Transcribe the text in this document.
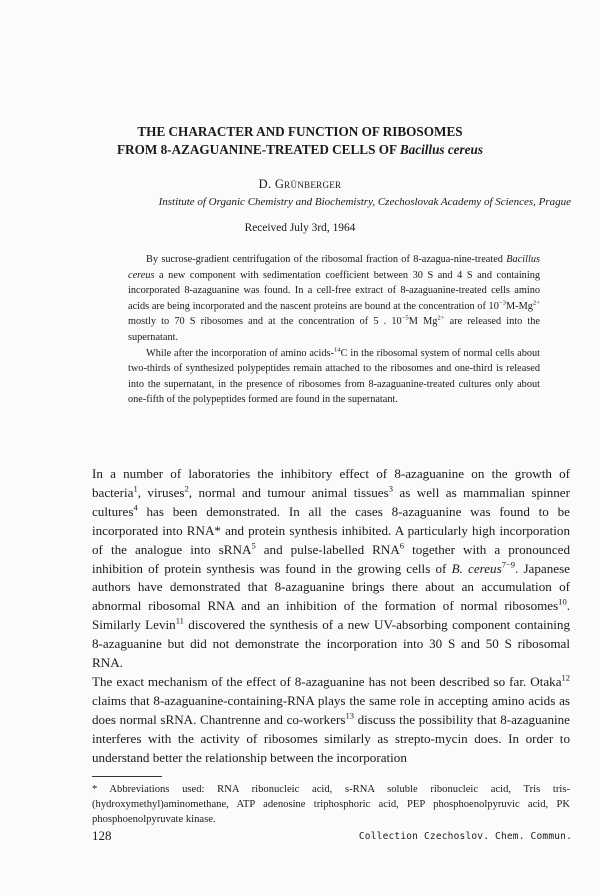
THE CHARACTER AND FUNCTION OF RIBOSOMES
FROM 8-AZAGUANINE-TREATED CELLS OF Bacillus cereus
D. Grünberger
Institute of Organic Chemistry and Biochemistry, Czechoslovak Academy of Sciences, Prague
Received July 3rd, 1964

By sucrose-gradient centrifugation of the ribosomal fraction of 8-azagua-nine-treated Bacillus cereus a new component with sedimentation coefficient between 30 S and 4 S and containing incorporated 8-azaguanine was found. In a cell-free extract of 8-azaguanine-treated cells amino acids are being incorporated and the nascent proteins are bound at the concentration of $10^{-3}M-Mg^{2+}$ mostly to 70 S ribosomes and at the concentration of 5 . $10^{-5}M$ $Mg^{2+}$ are released into the supernatant.

While after the incorporation of amino acids-$^{14}$C in the ribosomal system of normal cells about two-thirds of synthesized polypeptides remain attached to the ribosomes and one-third is released into the supernatant, in the presence of ribosomes from 8-azaguanine-treated cultures only about one-fifth of the polypeptides formed are found in the supernatant.

In a number of laboratories the inhibitory effect of 8-azaguanine on the growth of bacteria$^1$, viruses$^2$, normal and tumour animal tissues$^3$ as well as mammalian spinner cultures$^4$ has been demonstrated. In all the cases 8-azaguanine was found to be incorporated into RNA* and protein synthesis inhibited. A particularly high incorporation of the analogue into sRNA$^5$ and pulse-labelled RNA$^6$ together with a pronounced inhibition of protein synthesis was found in the growing cells of B. cereus$^{7-9}$. Japanese authors have demonstrated that 8-azaguanine brings there about an accumulation of abnormal ribosomal RNA and an inhibition of the formation of normal ribosomes$^{10}$. Similarly Levin$^{11}$ discovered the synthesis of a new UV-absorbing component containing 8-azaguanine but did not demonstrate the incorporation into 30 S and 50 S ribosomal RNA.

The exact mechanism of the effect of 8-azaguanine has not been described so far. Otaka$^{12}$ claims that 8-azaguanine-containing-RNA plays the same role in accepting amino acids as does normal sRNA. Chantrenne and co-workers$^{13}$ discuss the possibility that 8-azaguanine interferes with the activity of ribosomes similarly as strepto-mycin does. In order to understand better the relationship between the incorporation

* Abbreviations used: RNA ribonucleic acid, s-RNA soluble ribonucleic acid, Tris tris-(hydroxymethyl)aminomethane, ATP adenosine triphosphoric acid, PEP phosphoenolpyruvic acid, PK phosphoenolpyruvate kinase.
128	Collection Czechoslov. Chem. Commun.
